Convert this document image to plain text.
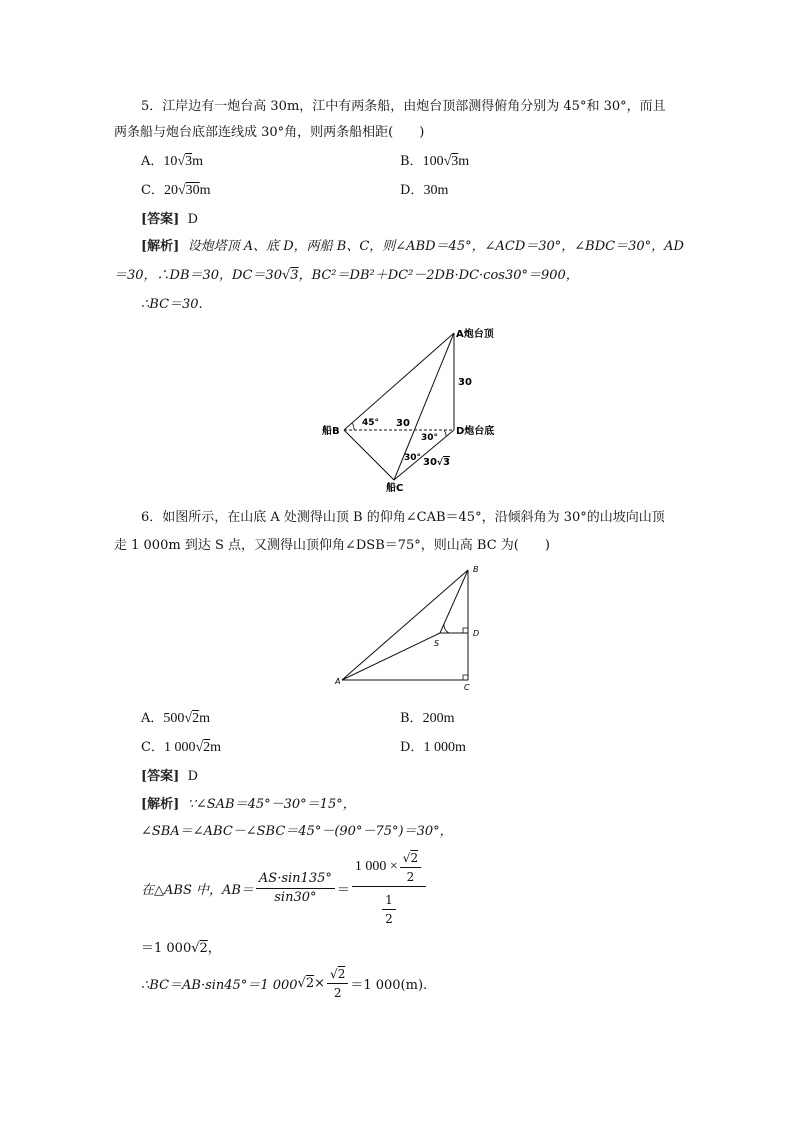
5．江岸边有一炮台高 30m，江中有两条船，由炮台顶部测得俯角分别为 45°和 30°，而且
两条船与炮台底部连线成 30°角，则两条船相距(　　)
A．10√3m	B．100√3m
C．20√30m	D．30m
[答案] D
[解析] 设炮塔顶 A、底 D，两船 B、C，则∠ABD＝45°，∠ACD＝30°，∠BDC＝30°，AD
＝30，∴DB＝30，DC＝30√3，BC²＝DB²＋DC²－2DB·DC·cos30°＝900，
∴BC＝30.
A炮台顶
船B
船C
D炮台底
30
30
45°
30°
30° 30√3
6．如图所示，在山底 A 处测得山顶 B 的仰角∠CAB＝45°，沿倾斜角为 30°的山坡向山顶
走 1 000m 到达 S 点，又测得山顶仰角∠DSB＝75°，则山高 BC 为(　　)
A
B
C
D
S
A．500√2m	B．200m
C．1 000√2m	D．1 000m
[答案] D
[解析] ∵∠SAB＝45°－30°＝15°，
∠SBA＝∠ABC－∠SBC＝45°－(90°－75°)＝30°，
在△ABS 中，$AB= \frac{AS\cdot\sin 135^\circ}{\sin 30^\circ} = \frac{1 000 \times \frac{√2}{2}}{\frac{1}{2}}$
＝1 000√2，
∴BC＝AB·sin45°＝1 000 √ $2 \times \frac{√2}{2} =1$ 000(m).
